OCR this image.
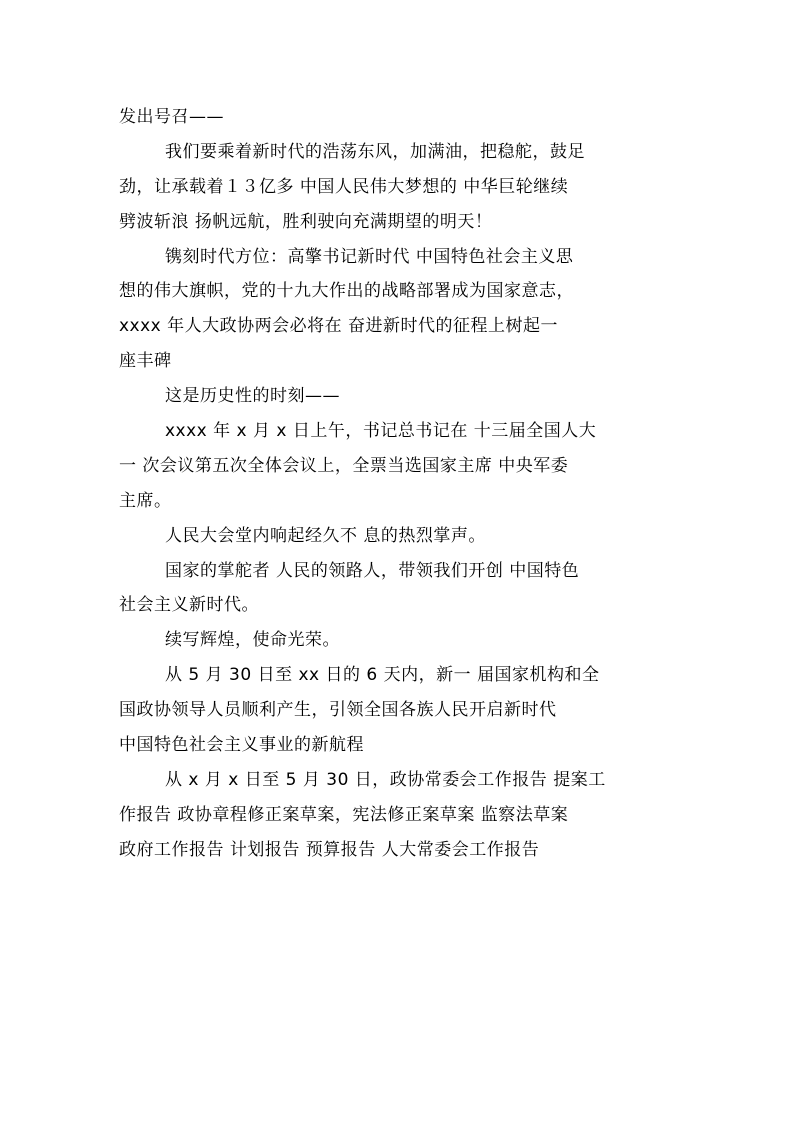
发出号召——
我们要乘着新时代的浩荡东风，加满油，把稳舵，鼓足
劲，让承载着１３亿多 中国人民伟大梦想的 中华巨轮继续
劈波斩浪 扬帆远航，胜利驶向充满期望的明天！
镌刻时代方位：高擎书记新时代 中国特色社会主义思
想的伟大旗帜，党的十九大作出的战略部署成为国家意志，
xxxx 年人大政协两会必将在 奋进新时代的征程上树起一
座丰碑
这是历史性的时刻——
xxxx 年 x 月 x 日上午，书记总书记在 十三届全国人大
一 次会议第五次全体会议上，全票当选国家主席 中央军委
主席。
人民大会堂内响起经久不 息的热烈掌声。
国家的掌舵者 人民的领路人，带领我们开创 中国特色
社会主义新时代。
续写辉煌，使命光荣。
从 5 月 30 日至 xx 日的 6 天内，新一 届国家机构和全
国政协领导人员顺利产生，引领全国各族人民开启新时代
中国特色社会主义事业的新航程
从 x 月 x 日至 5 月 30 日，政协常委会工作报告 提案工
作报告 政协章程修正案草案，宪法修正案草案 监察法草案
政府工作报告 计划报告 预算报告 人大常委会工作报告
